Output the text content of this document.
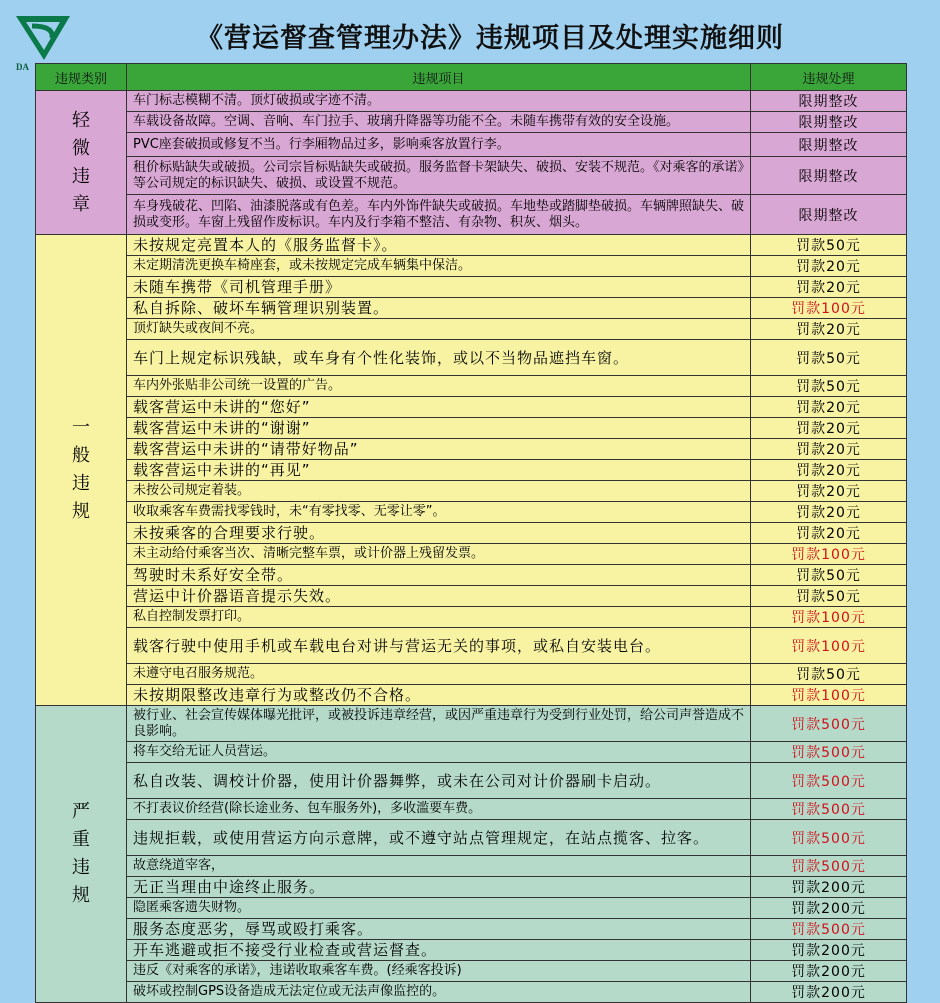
DA
《营运督查管理办法》违规项目及处理实施细则
违规类别	违规项目	违规处理
轻微违章	车门标志模糊不清。顶灯破损或字迹不清。	限期整改
	车载设备故障。空调、音响、车门拉手、玻璃升降器等功能不全。未随车携带有效的安全设施。	限期整改
	PVC座套破损或修复不当。行李厢物品过多，影响乘客放置行李。	限期整改
	租价标贴缺失或破损。公司宗旨标贴缺失或破损。服务监督卡架缺失、破损、安装不规范。《对乘客的承诺》等公司规定的标识缺失、破损、或设置不规范。	限期整改
	车身残破花、凹陷、油漆脱落或有色差。车内外饰件缺失或破损。车地垫或踏脚垫破损。车辆牌照缺失、破损或变形。车窗上残留作废标识。车内及行李箱不整洁、有杂物、积灰、烟头。	限期整改
一般违规	未按规定亮置本人的《服务监督卡》。	罚款50元
	未定期清洗更换车椅座套，或未按规定完成车辆集中保洁。	罚款20元
	未随车携带《司机管理手册》	罚款20元
	私自拆除、破坏车辆管理识别装置。	罚款100元
	顶灯缺失或夜间不亮。	罚款20元
	车门上规定标识残缺，或车身有个性化装饰，或以不当物品遮挡车窗。	罚款50元
	车内外张贴非公司统一设置的广告。	罚款50元
	载客营运中未讲的“您好”	罚款20元
	载客营运中未讲的“谢谢”	罚款20元
	载客营运中未讲的“请带好物品”	罚款20元
	载客营运中未讲的“再见”	罚款20元
	未按公司规定着装。	罚款20元
	收取乘客车费需找零钱时，未“有零找零、无零让零”。	罚款20元
	未按乘客的合理要求行驶。	罚款20元
	未主动给付乘客当次、清晰完整车票，或计价器上残留发票。	罚款100元
	驾驶时未系好安全带。	罚款50元
	营运中计价器语音提示失效。	罚款50元
	私自控制发票打印。	罚款100元
	载客行驶中使用手机或车载电台对讲与营运无关的事项，或私自安装电台。	罚款100元
	未遵守电召服务规范。	罚款50元
	未按期限整改违章行为或整改仍不合格。	罚款100元
严重违规	被行业、社会宣传媒体曝光批评，或被投诉违章经营，或因严重违章行为受到行业处罚，给公司声誉造成不良影响。	罚款500元
	将车交给无证人员营运。	罚款500元
	私自改装、调校计价器，使用计价器舞弊，或未在公司对计价器刷卡启动。	罚款500元
	不打表议价经营(除长途业务、包车服务外)，多收滥要车费。	罚款500元
	违规拒载，或使用营运方向示意牌，或不遵守站点管理规定，在站点揽客、拉客。	罚款500元
	故意绕道宰客，	罚款500元
	无正当理由中途终止服务。	罚款200元
	隐匿乘客遗失财物。	罚款200元
	服务态度恶劣，辱骂或殴打乘客。	罚款500元
	开车逃避或拒不接受行业检查或营运督查。	罚款200元
	违反《对乘客的承诺》，违诺收取乘客车费。(经乘客投诉)	罚款200元
	破坏或控制GPS设备造成无法定位或无法声像监控的。	罚款200元
